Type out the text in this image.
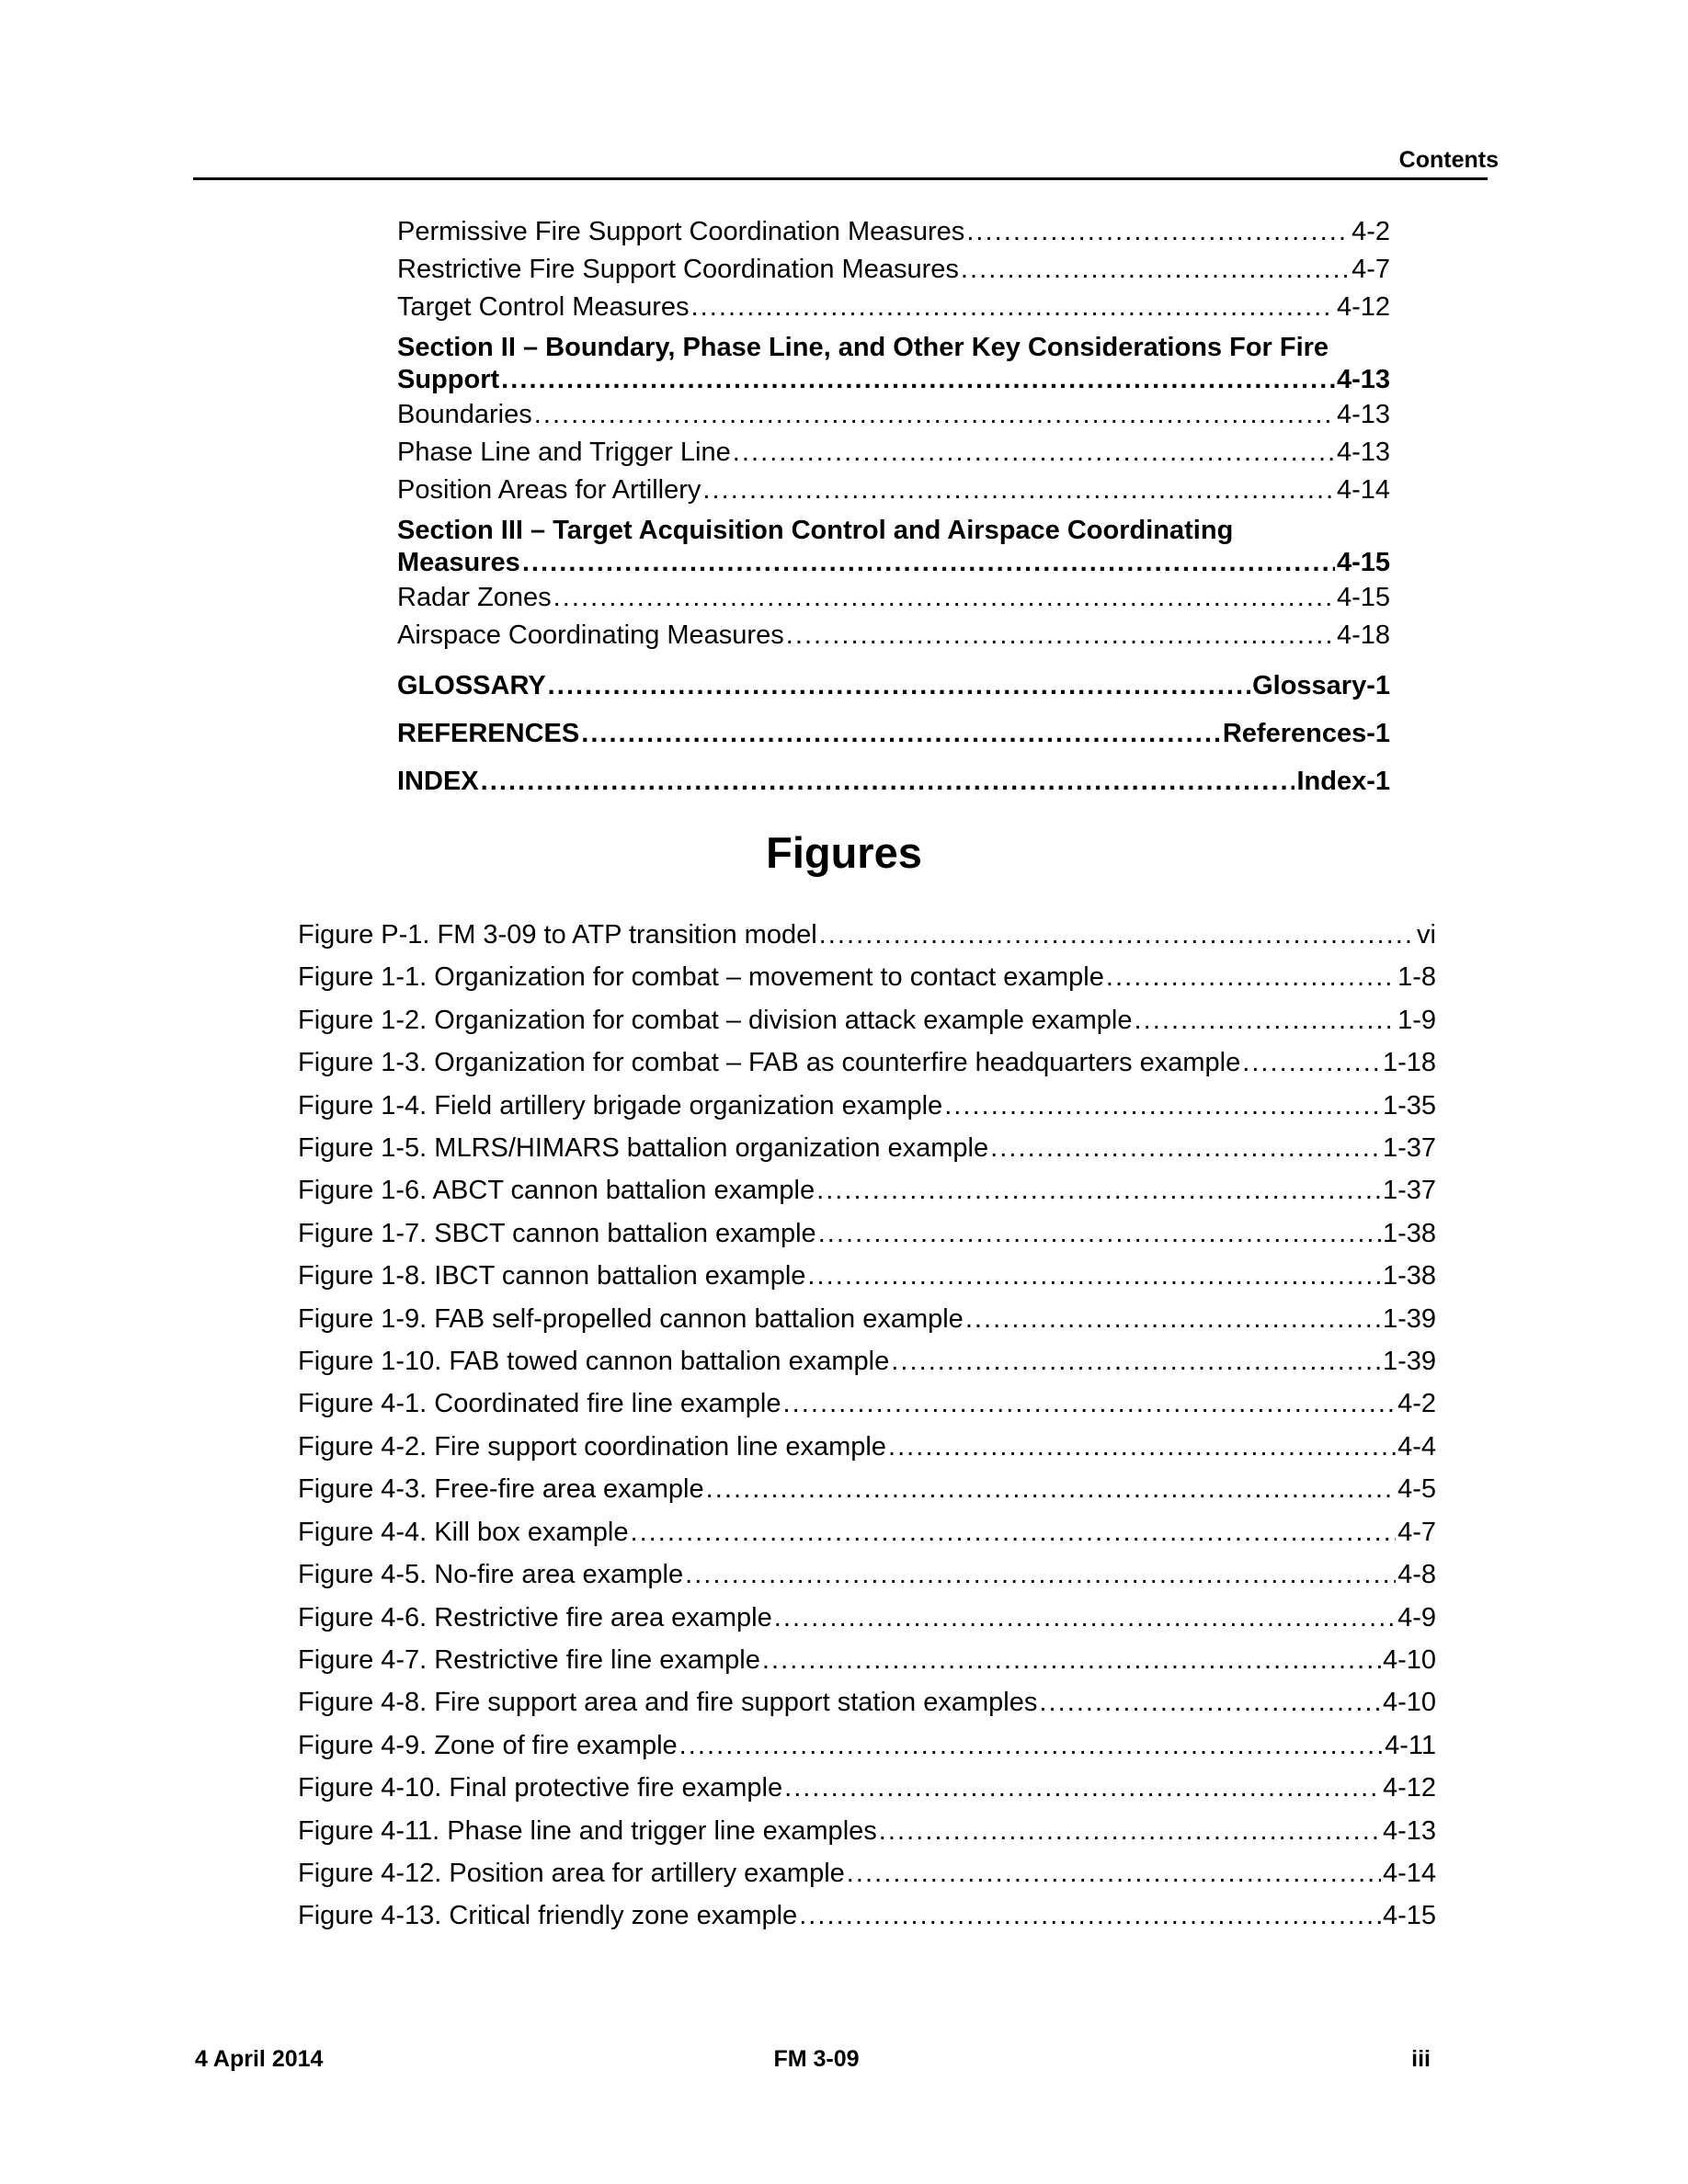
Contents
Permissive Fire Support Coordination Measures . . .	4-2
Restrictive Fire Support Coordination Measures . . .	4-7
Target Control Measures . . .	4-12
Section II – Boundary, Phase Line, and Other Key Considerations For Fire
Support . . .	4-13
Boundaries . . .	4-13
Phase Line and Trigger Line . . .	4-13
Position Areas for Artillery . . .	4-14
Section III – Target Acquisition Control and Airspace Coordinating
Measures . . .	4-15
Radar Zones . . .	4-15
Airspace Coordinating Measures . . .	4-18
GLOSSARY . . .	Glossary-1
REFERENCES . . .	References-1
INDEX . . .	Index-1
Figures
Figure P-1. FM 3-09 to ATP transition model . . .	vi
Figure 1-1. Organization for combat – movement to contact example . . .	1-8
Figure 1-2. Organization for combat – division attack example example . . .	1-9
Figure 1-3. Organization for combat – FAB as counterfire headquarters example . . .	1-18
Figure 1-4. Field artillery brigade organization example . . .	1-35
Figure 1-5. MLRS/HIMARS battalion organization example . . .	1-37
Figure 1-6. ABCT cannon battalion example . . .	1-37
Figure 1-7. SBCT cannon battalion example . . .	1-38
Figure 1-8. IBCT cannon battalion example . . .	1-38
Figure 1-9. FAB self-propelled cannon battalion example . . .	1-39
Figure 1-10. FAB towed cannon battalion example . . .	1-39
Figure 4-1. Coordinated fire line example . . .	4-2
Figure 4-2. Fire support coordination line example . . .	4-4
Figure 4-3. Free-fire area example . . .	4-5
Figure 4-4. Kill box example . . .	4-7
Figure 4-5. No-fire area example . . .	4-8
Figure 4-6. Restrictive fire area example . . .	4-9
Figure 4-7. Restrictive fire line example . . .	4-10
Figure 4-8. Fire support area and fire support station examples . . .	4-10
Figure 4-9. Zone of fire example . . .	4-11
Figure 4-10. Final protective fire example . . .	4-12
Figure 4-11. Phase line and trigger line examples . . .	4-13
Figure 4-12. Position area for artillery example . . .	4-14
Figure 4-13. Critical friendly zone example . . .	4-15
4 April 2014	FM 3-09	iii
